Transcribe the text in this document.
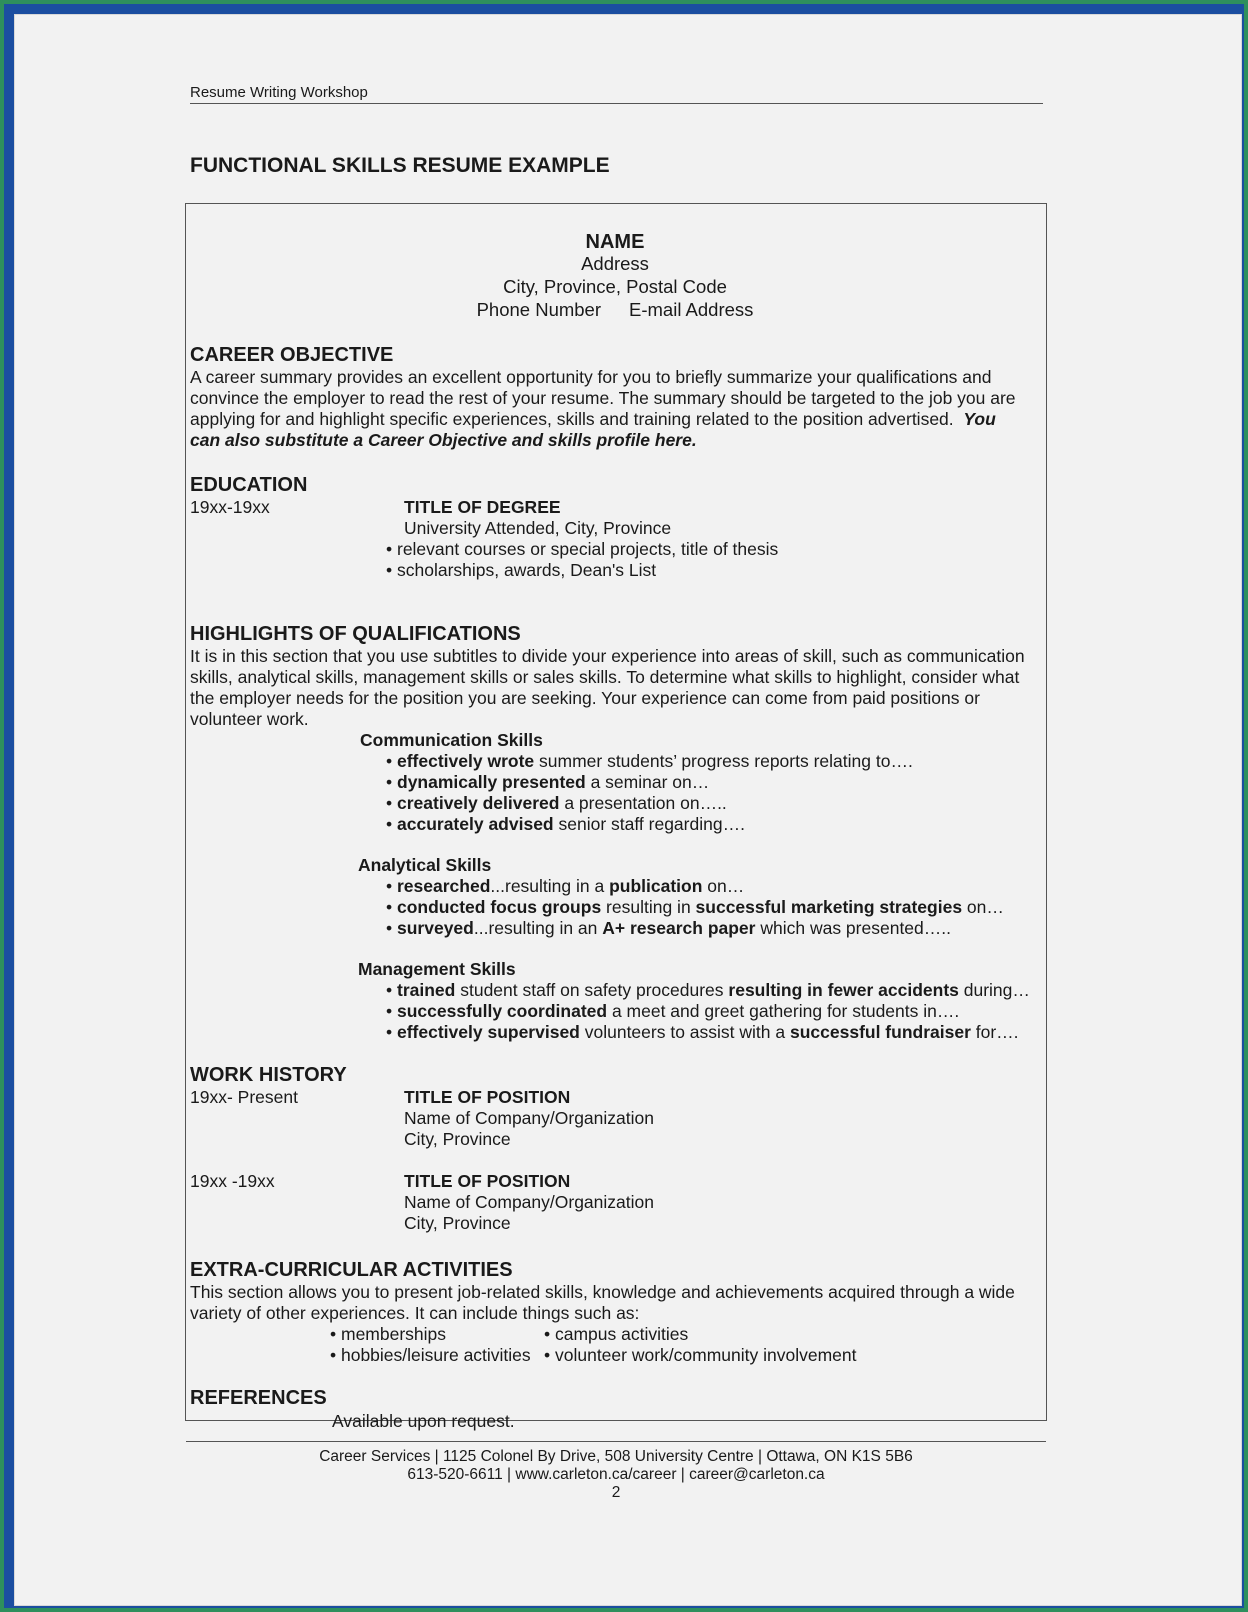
Resume Writing Workshop
FUNCTIONAL SKILLS RESUME EXAMPLE
NAME
Address
City, Province, Postal Code
Phone Number E-mail Address
CAREER OBJECTIVE
A career summary provides an excellent opportunity for you to briefly summarize your qualifications and
convince the employer to read the rest of your resume. The summary should be targeted to the job you are
applying for and highlight specific experiences, skills and training related to the position advertised. You
can also substitute a Career Objective and skills profile here.
EDUCATION
19xx-19xx	TITLE OF DEGREE
University Attended, City, Province
• relevant courses or special projects, title of thesis
• scholarships, awards, Dean's List
HIGHLIGHTS OF QUALIFICATIONS
It is in this section that you use subtitles to divide your experience into areas of skill, such as communication
skills, analytical skills, management skills or sales skills. To determine what skills to highlight, consider what
the employer needs for the position you are seeking. Your experience can come from paid positions or
volunteer work.
Communication Skills
• effectively wrote summer students’ progress reports relating to….
• dynamically presented a seminar on…
• creatively delivered a presentation on…..
• accurately advised senior staff regarding….
Analytical Skills
• researched...resulting in a publication on…
• conducted focus groups resulting in successful marketing strategies on…
• surveyed...resulting in an A+ research paper which was presented…..
Management Skills
• trained student staff on safety procedures resulting in fewer accidents during…
• successfully coordinated a meet and greet gathering for students in….
• effectively supervised volunteers to assist with a successful fundraiser for….
WORK HISTORY
19xx- Present	TITLE OF POSITION
Name of Company/Organization
City, Province
19xx -19xx	TITLE OF POSITION
Name of Company/Organization
City, Province
EXTRA-CURRICULAR ACTIVITIES
This section allows you to present job-related skills, knowledge and achievements acquired through a wide
variety of other experiences. It can include things such as:
• memberships	• campus activities
• hobbies/leisure activities • volunteer work/community involvement
REFERENCES
Available upon request.
Career Services | 1125 Colonel By Drive, 508 University Centre | Ottawa, ON K1S 5B6
613-520-6611 | www.carleton.ca/career | career@carleton.ca
2
